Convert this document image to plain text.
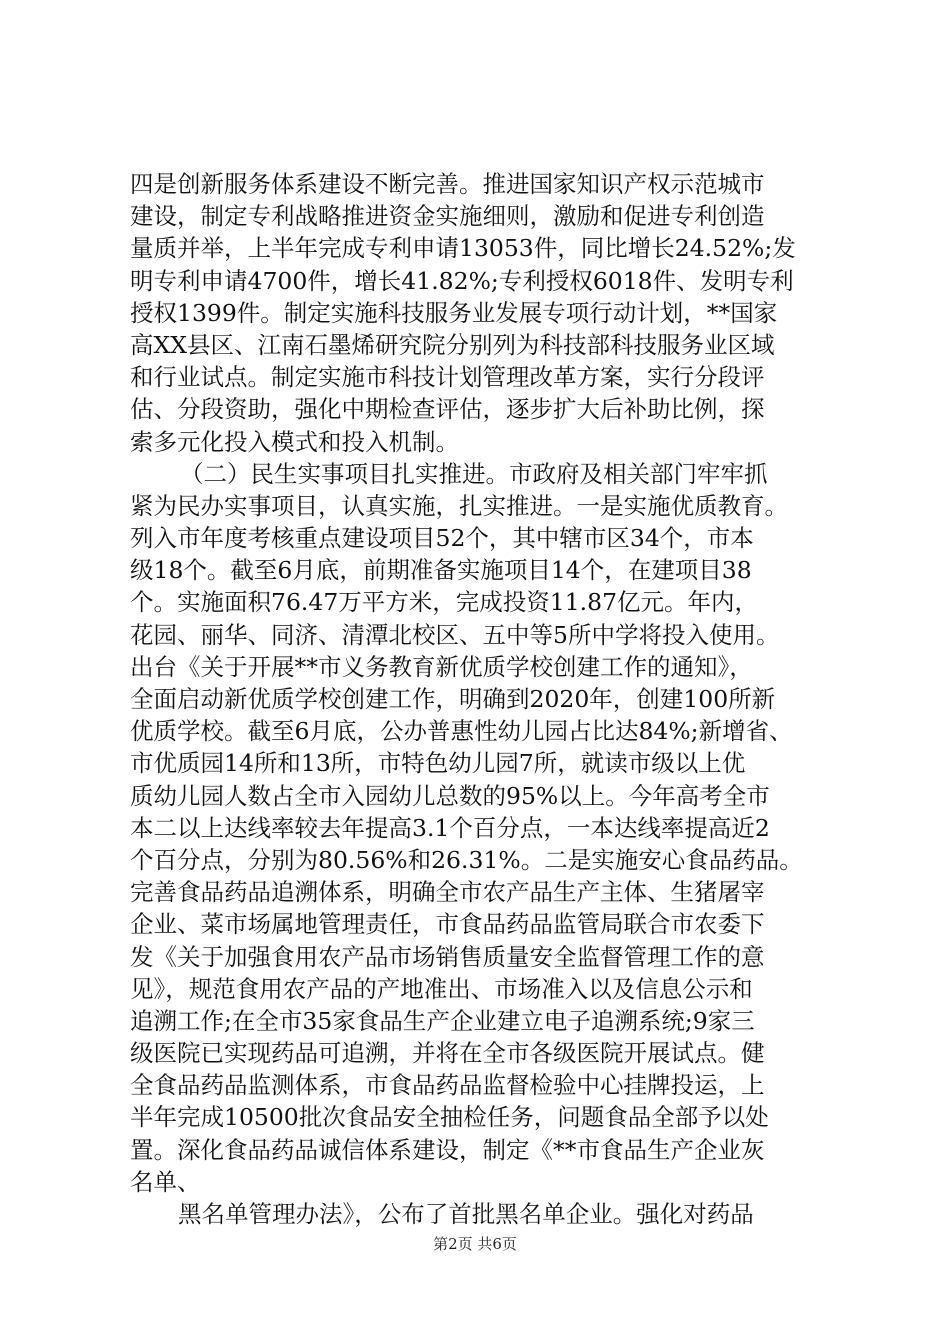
四是创新服务体系建设不断完善。推进国家知识产权示范城市
建设，制定专利战略推进资金实施细则，激励和促进专利创造
量质并举，上半年完成专利申请13053件，同比增长24.52%;发
明专利申请4700件，增长41.82%;专利授权6018件、发明专利
授权1399件。制定实施科技服务业发展专项行动计划，**国家
高XX县区、江南石墨烯研究院分别列为科技部科技服务业区域
和行业试点。制定实施市科技计划管理改革方案，实行分段评
估、分段资助，强化中期检查评估，逐步扩大后补助比例，探
索多元化投入模式和投入机制。
（二）民生实事项目扎实推进。市政府及相关部门牢牢抓
紧为民办实事项目，认真实施，扎实推进。一是实施优质教育。
列入市年度考核重点建设项目52个，其中辖市区34个，市本
级18个。截至6月底，前期准备实施项目14个，在建项目38
个。实施面积76.47万平方米，完成投资11.87亿元。年内，
花园、丽华、同济、清潭北校区、五中等5所中学将投入使用。
出台《关于开展**市义务教育新优质学校创建工作的通知》，
全面启动新优质学校创建工作，明确到2020年，创建100所新
优质学校。截至6月底，公办普惠性幼儿园占比达84%;新增省、
市优质园14所和13所，市特色幼儿园7所，就读市级以上优
质幼儿园人数占全市入园幼儿总数的95%以上。今年高考全市
本二以上达线率较去年提高3.1个百分点，一本达线率提高近2
个百分点，分别为80.56%和26.31%。二是实施安心食品药品。
完善食品药品追溯体系，明确全市农产品生产主体、生猪屠宰
企业、菜市场属地管理责任，市食品药品监管局联合市农委下
发《关于加强食用农产品市场销售质量安全监督管理工作的意
见》，规范食用农产品的产地准出、市场准入以及信息公示和
追溯工作;在全市35家食品生产企业建立电子追溯系统;9家三
级医院已实现药品可追溯，并将在全市各级医院开展试点。健
全食品药品监测体系，市食品药品监督检验中心挂牌投运，上
半年完成10500批次食品安全抽检任务，问题食品全部予以处
置。深化食品药品诚信体系建设，制定《**市食品生产企业灰
名单、
黑名单管理办法》，公布了首批黑名单企业。强化对药品
第2页 共6页
